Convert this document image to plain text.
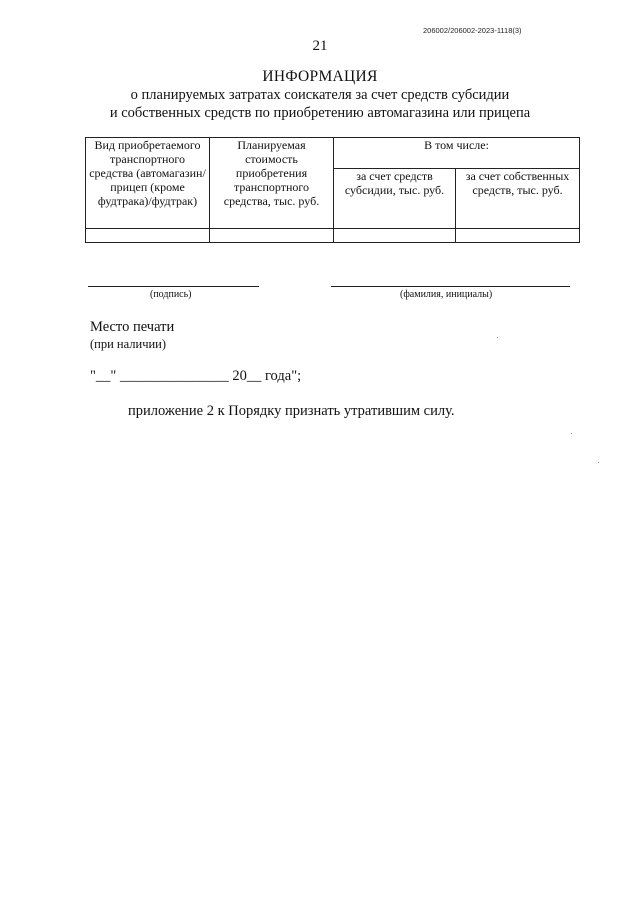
206002/206002-2023-1118(3)
21
ИНФОРМАЦИЯ
о планируемых затратах соискателя за счет средств субсидии
и собственных средств по приобретению автомагазина или прицепа
Вид приобретаемого транспортного средства (автомагазин/ прицеп (кроме фудтрака)/фудтрак)	Планируемая стоимость приобретения транспортного средства, тыс. руб.	В том числе:	
		за счет средств субсидии, тыс. руб.	за счет собственных средств, тыс. руб.

(подпись)	(фамилия, инициалы)
Место печати
(при наличии)
"__" _______________ 20__ года";
приложение 2 к Порядку признать утратившим силу.
